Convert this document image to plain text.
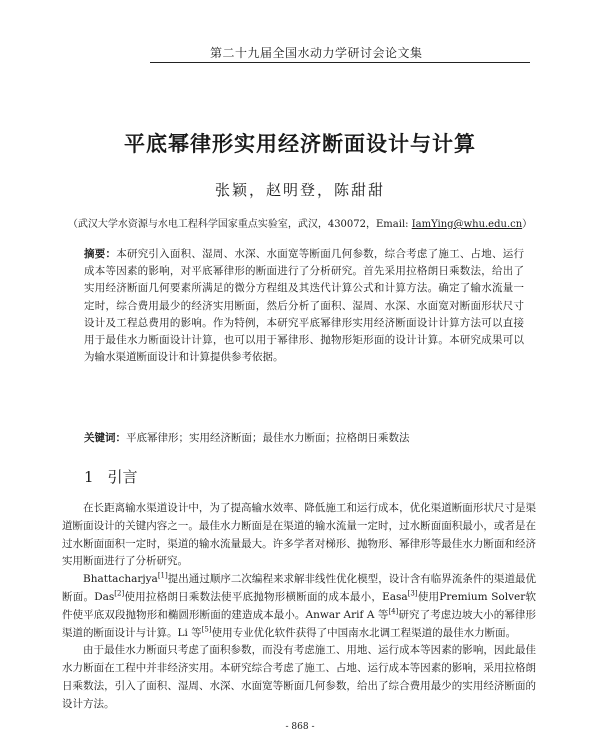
第二十九届全国水动力学研讨会论文集
平底幂律形实用经济断面设计与计算
张颖，赵明登，陈甜甜
（武汉大学水资源与水电工程科学国家重点实验室，武汉，430072，Email: IamYing@whu.edu.cn）
摘要：本研究引入面积、湿周、水深、水面宽等断面几何参数，综合考虑了施工、占地、运行成本等因素的影响，对平底幂律形的断面进行了分析研究。首先采用拉格朗日乘数法，给出了实用经济断面几何要素所满足的微分方程组及其迭代计算公式和计算方法。确定了输水流量一定时，综合费用最少的经济实用断面，然后分析了面积、湿周、水深、水面宽对断面形状尺寸设计及工程总费用的影响。作为特例，本研究平底幂律形实用经济断面设计计算方法可以直接用于最佳水力断面设计计算，也可以用于幂律形、抛物形矩形面的设计计算。本研究成果可以为输水渠道断面设计和计算提供参考依据。
关键词：平底幂律形；实用经济断面；最佳水力断面；拉格朗日乘数法
1 引言

在长距离输水渠道设计中，为了提高输水效率、降低施工和运行成本，优化渠道断面形状尺寸是渠道断面设计的关键内容之一。最佳水力断面是在渠道的输水流量一定时，过水断面面积最小，或者是在过水断面面积一定时，渠道的输水流量最大。许多学者对梯形、抛物形、幂律形等最佳水力断面和经济实用断面进行了分析研究。

Bhattacharjya[1]提出通过顺序二次编程来求解非线性优化模型，设计含有临界流条件的渠道最优断面。Das[2]使用拉格朗日乘数法使平底抛物形横断面的成本最小，Easa[3]使用Premium Solver软件使平底双段抛物形和椭圆形断面的建造成本最小。Anwar Arif A 等[4]研究了考虑边坡大小的幂律形渠道的断面设计与计算。Li 等[5]使用专业优化软件获得了中国南水北调工程渠道的最佳水力断面。

由于最佳水力断面只考虑了面积参数，而没有考虑施工、用地、运行成本等因素的影响，因此最佳水力断面在工程中并非经济实用。本研究综合考虑了施工、占地、运行成本等因素的影响，采用拉格朗日乘数法，引入了面积、湿周、水深、水面宽等断面几何参数，给出了综合费用最少的实用经济断面的设计方法。

- 868 -
